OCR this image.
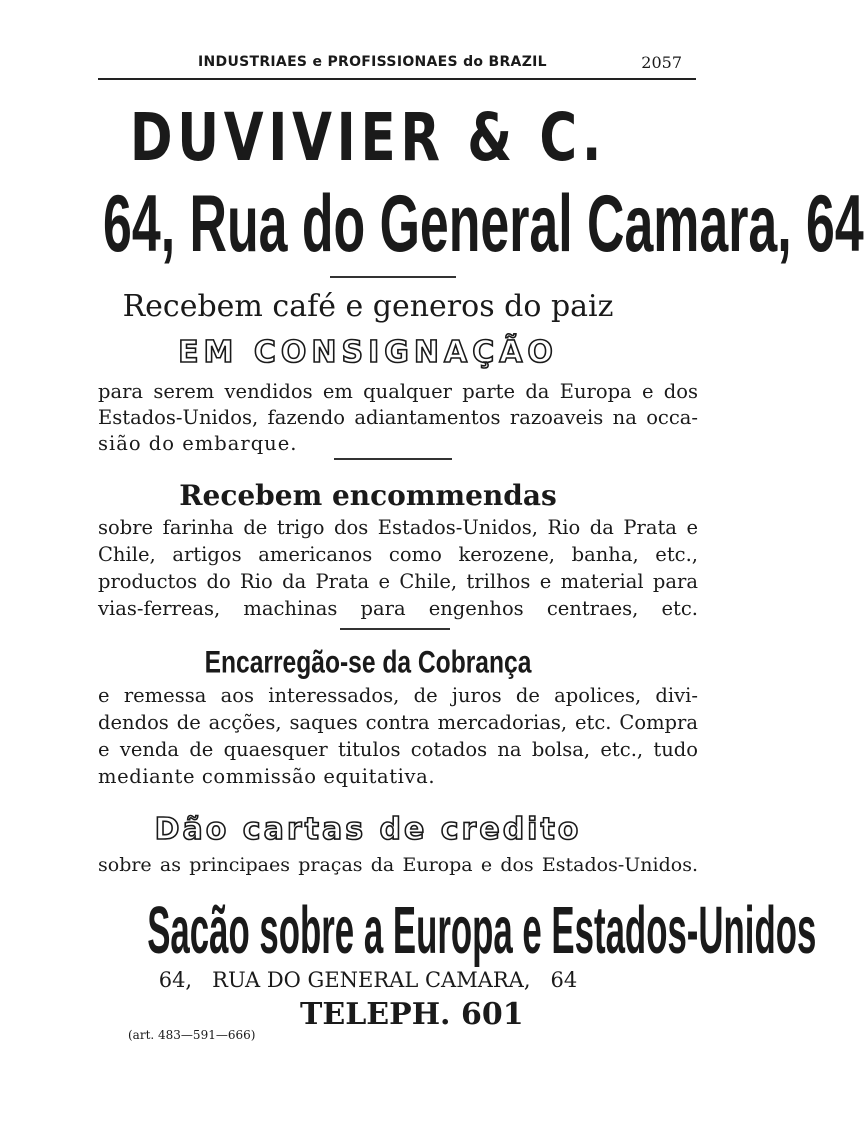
INDUSTRIAES e PROFISSIONAES do BRAZIL	2057
DUVIVIER & C.
64, Rua do General Camara, 64
Recebem café e generos do paiz
EM CONSIGNAÇÃO
para serem vendidos em qualquer parte da Europa e dos
Estados-Unidos, fazendo adiantamentos razoaveis na occa-
sião do embarque.
Recebem encommendas
sobre farinha de trigo dos Estados-Unidos, Rio da Prata e
Chile, artigos americanos como kerozene, banha, etc.,
productos do Rio da Prata e Chile, trilhos e material para
vias-ferreas, machinas para engenhos centraes, etc.
Encarregão-se da Cobrança
e remessa aos interessados, de juros de apolices, divi-
dendos de acções, saques contra mercadorias, etc. Compra
e venda de quaesquer titulos cotados na bolsa, etc., tudo
mediante commissão equitativa.
Dão cartas de credito
sobre as principaes praças da Europa e dos Estados-Unidos.
Sacão sobre a Europa e Estados-Unidos
64,   RUA DO GENERAL CAMARA,   64
TELEPH. 601
(art. 483—591—666)
